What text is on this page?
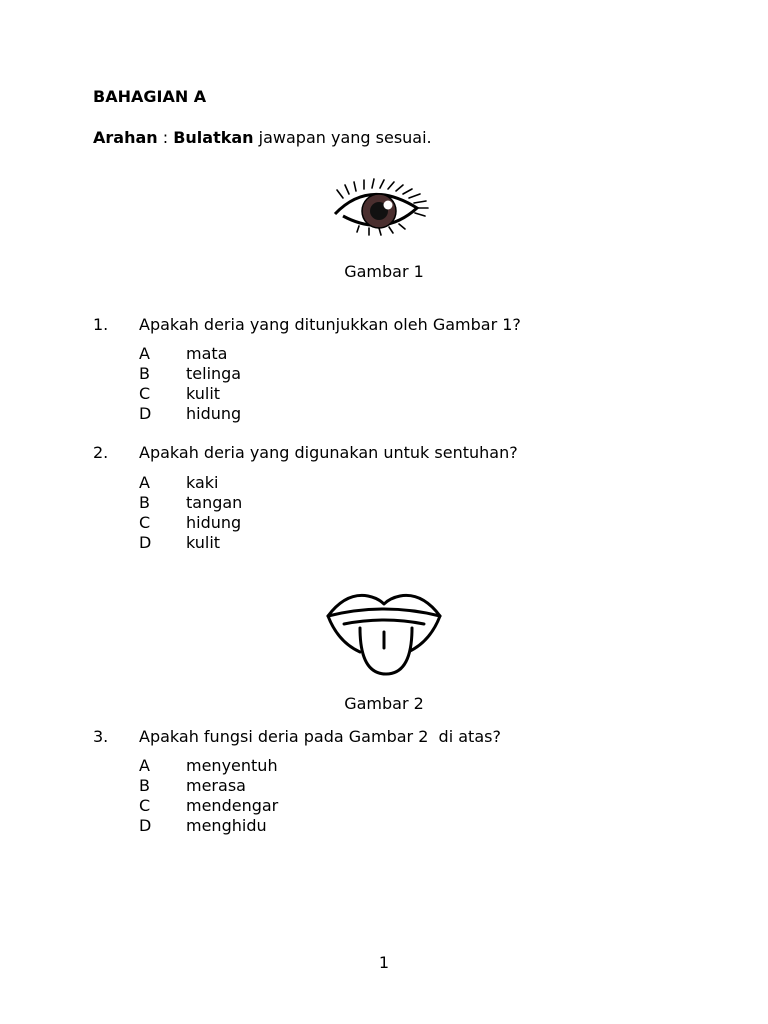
BAHAGIAN A
Arahan : Bulatkan jawapan yang sesuai.
Gambar 1
1. Apakah deria yang ditunjukkan oleh Gambar 1?
A mata
B telinga
C kulit
D hidung
2. Apakah deria yang digunakan untuk sentuhan?
A kaki
B tangan
C hidung
D kulit
Gambar 2
3. Apakah fungsi deria pada Gambar 2  di atas?
A menyentuh
B merasa
C mendengar
D menghidu
1
